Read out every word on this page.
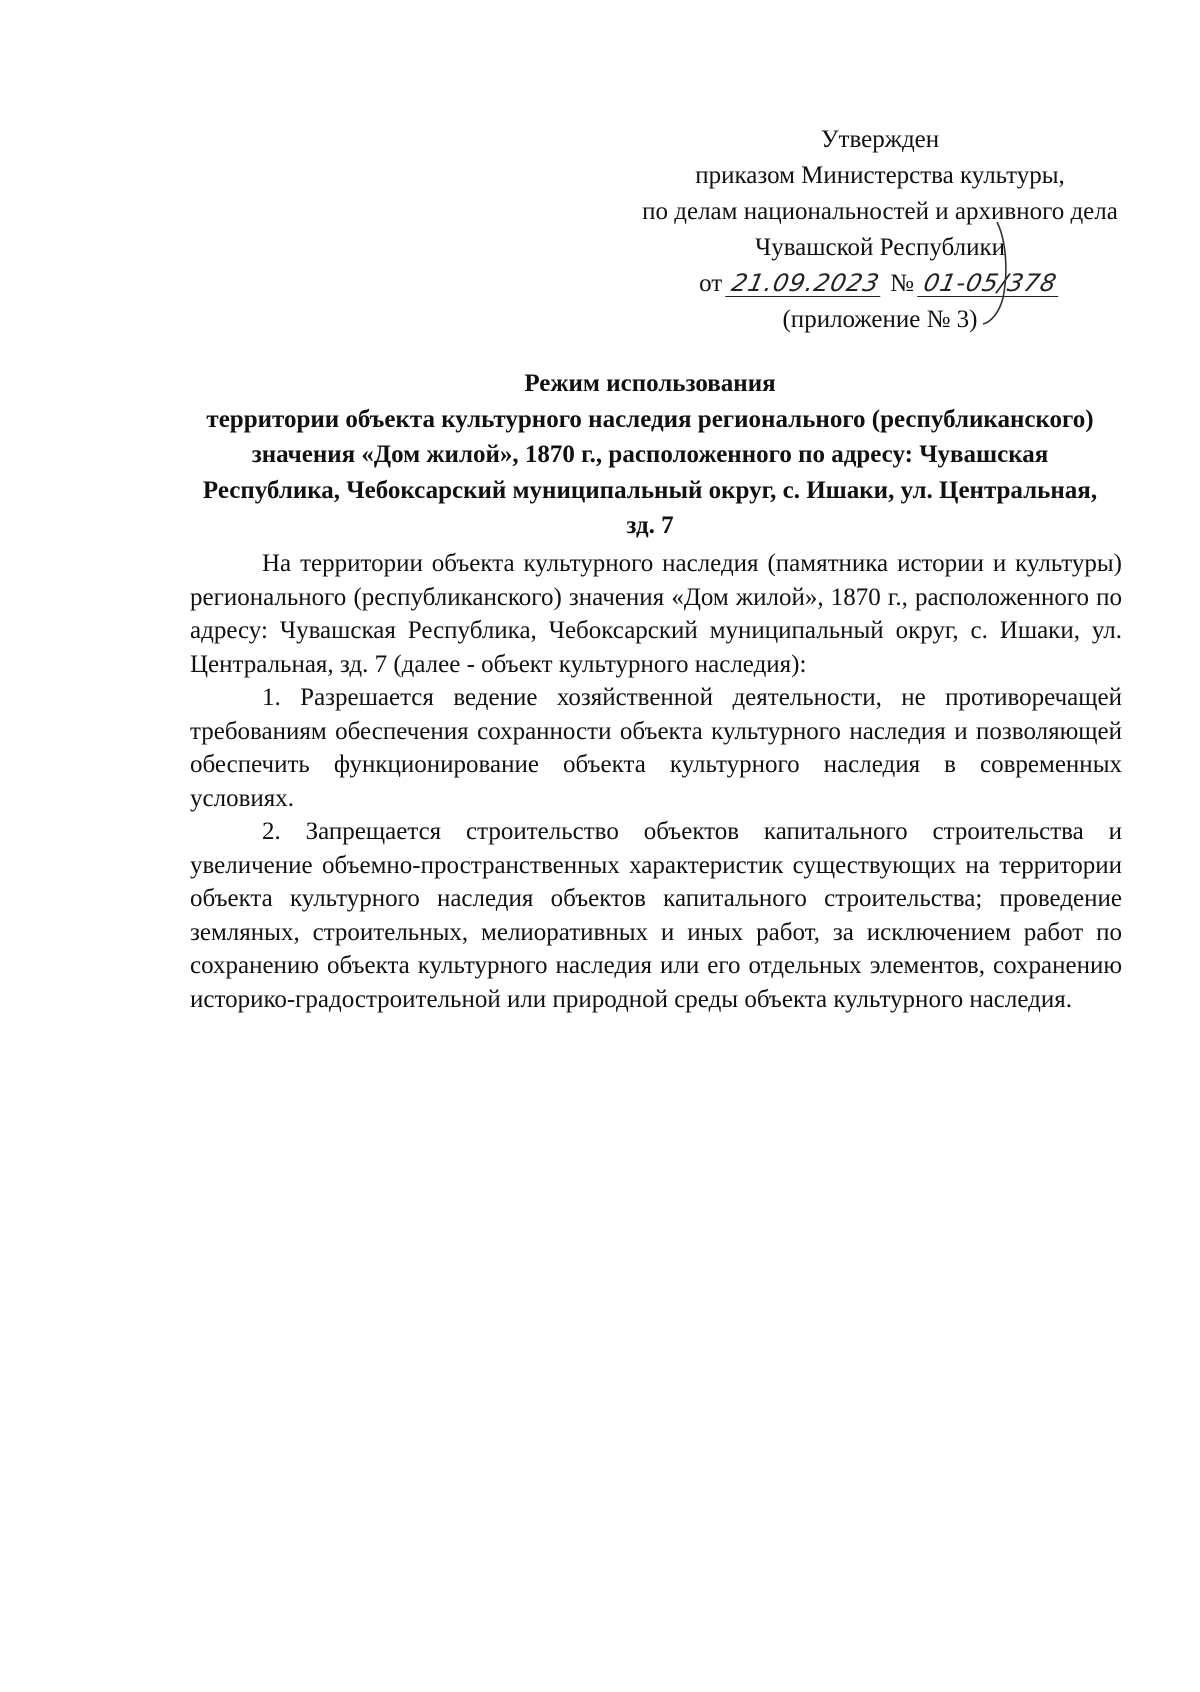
Утвержден
приказом Министерства культуры,
по делам национальностей и архивного дела
Чувашской Республики
от 21.09.2023 № 01-05/378
(приложение № 3)
Режим использования
территории объекта культурного наследия регионального (республиканского)
значения «Дом жилой», 1870 г., расположенного по адресу: Чувашская
Республика, Чебоксарский муниципальный округ, с. Ишаки, ул. Центральная,
зд. 7

На территории объекта культурного наследия (памятника истории и культуры) регионального (республиканского) значения «Дом жилой», 1870 г., расположенного по адресу: Чувашская Республика, Чебоксарский муниципальный округ, с. Ишаки, ул. Центральная, зд. 7 (далее - объект культурного наследия):

1. Разрешается ведение хозяйственной деятельности, не противоречащей требованиям обеспечения сохранности объекта культурного наследия и позволяющей обеспечить функционирование объекта культурного наследия в современных условиях.

2. Запрещается строительство объектов капитального строительства и увеличение объемно-пространственных характеристик существующих на территории объекта культурного наследия объектов капитального строительства; проведение земляных, строительных, мелиоративных и иных работ, за исключением работ по сохранению объекта культурного наследия или его отдельных элементов, сохранению историко-градостроительной или природной среды объекта культурного наследия.
